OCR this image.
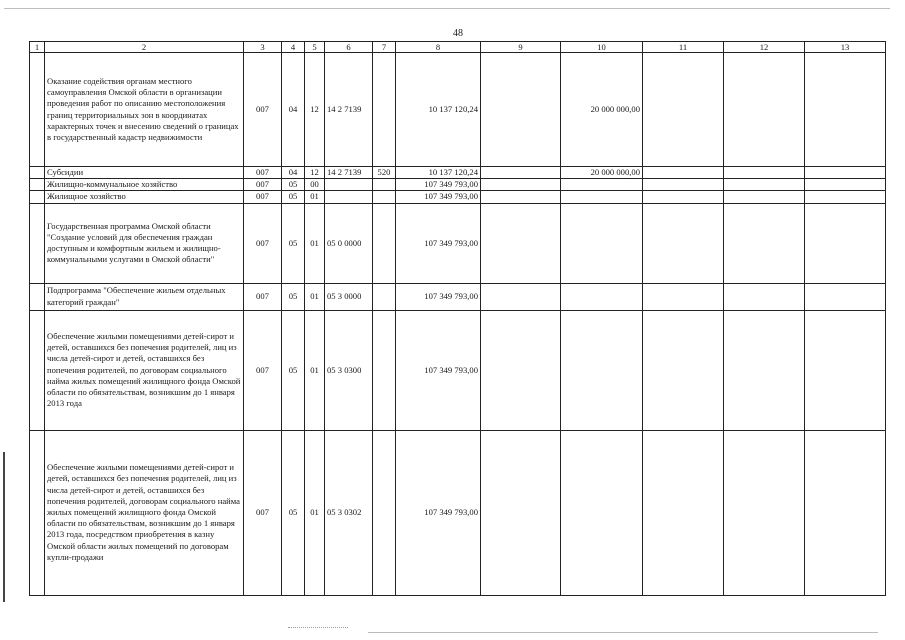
48
1	2	3	4	5	6	7	8	9	10	11	12	13
	Оказание содействия органам местного самоуправления Омской области в организации проведения работ по описанию местоположения границ территориальных зон в координатах характерных точек и внесению сведений о границах в государственный кадастр недвижимости	007	04	12	14 2 7139		10 137 120,24		20 000 000,00			
	Субсидии	007	04	12	14 2 7139	520	10 137 120,24		20 000 000,00			
	Жилищно-коммунальное хозяйство	007	05	00			107 349 793,00					
	Жилищное хозяйство	007	05	01			107 349 793,00					
	Государственная программа Омской области "Создание условий для обеспечения граждан доступным и комфортным жильем и жилищно-коммунальными услугами в Омской области"	007	05	01	05 0 0000		107 349 793,00					
	Подпрограмма "Обеспечение жильем отдельных категорий граждан"	007	05	01	05 3 0000		107 349 793,00					
	Обеспечение жилыми помещениями детей-сирот и детей, оставшихся без попечения родителей, лиц из числа детей-сирот и детей, оставшихся без попечения родителей, по договорам социального найма жилых помещений жилищного фонда Омской области по обязательствам, возникшим до 1 января 2013 года	007	05	01	05 3 0300		107 349 793,00					
	Обеспечение жилыми помещениями детей-сирот и детей, оставшихся без попечения родителей, лиц из числа детей-сирот и детей, оставшихся без попечения родителей, договорам социального найма жилых помещений жилищного фонда Омской области по обязательствам, возникшим до 1 января 2013 года, посредством приобретения в казну Омской области жилых помещений по договорам купли-продажи	007	05	01	05 3 0302		107 349 793,00					
